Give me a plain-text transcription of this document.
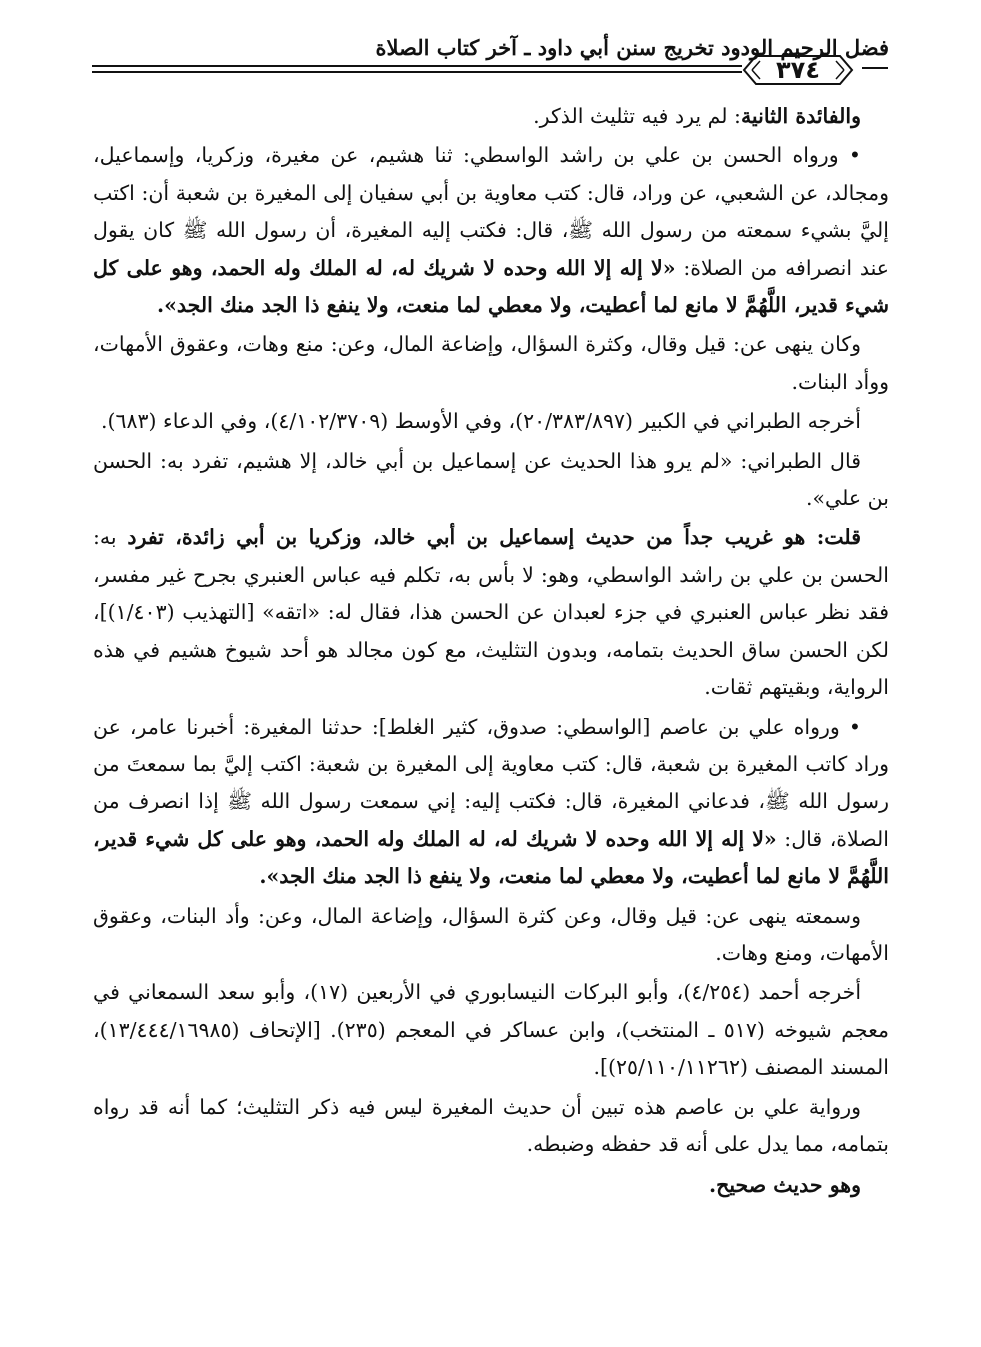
فضل الرحيم الودود تخريج سنن أبي داود ـ آخر كتاب الصلاة
٣٧٤

والفائدة الثانية: لم يرد فيه تثليث الذكر.

• ورواه الحسن بن علي بن راشد الواسطي: ثنا هشيم، عن مغيرة، وزكريا، وإسماعيل، ومجالد، عن الشعبي، عن وراد، قال: كتب معاوية بن أبي سفيان إلى المغيرة بن شعبة أن: اكتب إليَّ بشيء سمعته من رسول الله ﷺ، قال: فكتب إليه المغيرة، أن رسول الله ﷺ كان يقول عند انصرافه من الصلاة: «لا إله إلا الله وحده لا شريك له، له الملك وله الحمد، وهو على كل شيء قدير، اللَّهُمَّ لا مانع لما أعطيت، ولا معطي لما منعت، ولا ينفع ذا الجد منك الجد».

وكان ينهى عن: قيل وقال، وكثرة السؤال، وإضاعة المال، وعن: منع وهات، وعقوق الأمهات، ووأد البنات.

أخرجه الطبراني في الكبير (٢٠/٣٨٣/٨٩٧)، وفي الأوسط (٤/١٠٢/٣٧٠٩)، وفي الدعاء (٦٨٣).

قال الطبراني: «لم يرو هذا الحديث عن إسماعيل بن أبي خالد، إلا هشيم، تفرد به: الحسن بن علي».

قلت: هو غريب جداً من حديث إسماعيل بن أبي خالد، وزكريا بن أبي زائدة، تفرد به: الحسن بن علي بن راشد الواسطي، وهو: لا بأس به، تكلم فيه عباس العنبري بجرح غير مفسر، فقد نظر عباس العنبري في جزء لعبدان عن الحسن هذا، فقال له: «اتقه» [التهذيب (١/٤٠٣)]، لكن الحسن ساق الحديث بتمامه، وبدون التثليث، مع كون مجالد هو أحد شيوخ هشيم في هذه الرواية، وبقيتهم ثقات.

• ورواه علي بن عاصم [الواسطي: صدوق، كثير الغلط]: حدثنا المغيرة: أخبرنا عامر، عن وراد كاتب المغيرة بن شعبة، قال: كتب معاوية إلى المغيرة بن شعبة: اكتب إليَّ بما سمعتَ من رسول الله ﷺ، فدعاني المغيرة، قال: فكتب إليه: إني سمعت رسول الله ﷺ إذا انصرف من الصلاة، قال: «لا إله إلا الله وحده لا شريك له، له الملك وله الحمد، وهو على كل شيء قدير، اللَّهُمَّ لا مانع لما أعطيت، ولا معطي لما منعت، ولا ينفع ذا الجد منك الجد».

وسمعته ينهى عن: قيل وقال، وعن كثرة السؤال، وإضاعة المال، وعن: وأد البنات، وعقوق الأمهات، ومنع وهات.

أخرجه أحمد (٤/٢٥٤)، وأبو البركات النيسابوري في الأربعين (١٧)، وأبو سعد السمعاني في معجم شيوخه (٥١٧ ـ المنتخب)، وابن عساكر في المعجم (٢٣٥). [الإتحاف (١٣/٤٤٤/١٦٩٨٥)، المسند المصنف (٢٥/١١٠/١١٢٦٢)].

ورواية علي بن عاصم هذه تبين أن حديث المغيرة ليس فيه ذكر التثليث؛ كما أنه قد رواه بتمامه، مما يدل على أنه قد حفظه وضبطه.

وهو حديث صحيح.
